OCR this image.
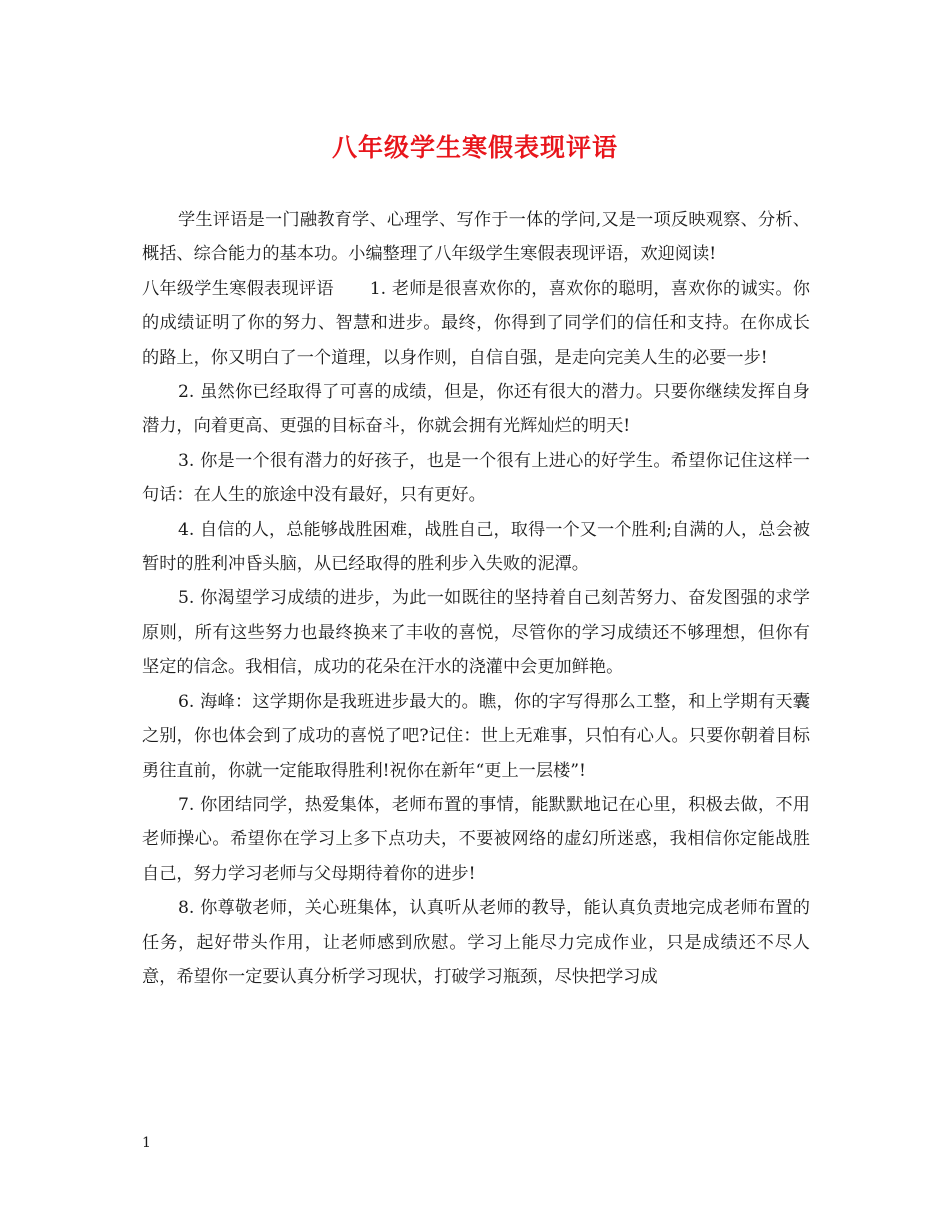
八年级学生寒假表现评语

学生评语是一门融教育学、心理学、写作于一体的学问,又是一项反映观察、分析、概括、综合能力的基本功。小编整理了八年级学生寒假表现评语，欢迎阅读!

八年级学生寒假表现评语 1. 老师是很喜欢你的，喜欢你的聪明，喜欢你的诚实。你的成绩证明了你的努力、智慧和进步。最终，你得到了同学们的信任和支持。在你成长的路上，你又明白了一个道理，以身作则，自信自强，是走向完美人生的必要一步!

2. 虽然你已经取得了可喜的成绩，但是，你还有很大的潜力。只要你继续发挥自身潜力，向着更高、更强的目标奋斗，你就会拥有光辉灿烂的明天!

3. 你是一个很有潜力的好孩子，也是一个很有上进心的好学生。希望你记住这样一句话：在人生的旅途中没有最好，只有更好。

4. 自信的人，总能够战胜困难，战胜自己，取得一个又一个胜利;自满的人，总会被暂时的胜利冲昏头脑，从已经取得的胜利步入失败的泥潭。

5. 你渴望学习成绩的进步，为此一如既往的坚持着自己刻苦努力、奋发图强的求学原则，所有这些努力也最终换来了丰收的喜悦，尽管你的学习成绩还不够理想，但你有坚定的信念。我相信，成功的花朵在汗水的浇灌中会更加鲜艳。

6. 海峰：这学期你是我班进步最大的。瞧，你的字写得那么工整，和上学期有天囊之别，你也体会到了成功的喜悦了吧?记住：世上无难事，只怕有心人。只要你朝着目标勇往直前，你就一定能取得胜利!祝你在新年“更上一层楼”!

7. 你团结同学，热爱集体，老师布置的事情，能默默地记在心里，积极去做，不用老师操心。希望你在学习上多下点功夫，不要被网络的虚幻所迷惑，我相信你定能战胜自己，努力学习老师与父母期待着你的进步!

8. 你尊敬老师，关心班集体，认真听从老师的教导，能认真负责地完成老师布置的任务，起好带头作用，让老师感到欣慰。学习上能尽力完成作业，只是成绩还不尽人意，希望你一定要认真分析学习现状，打破学习瓶颈，尽快把学习成

1
